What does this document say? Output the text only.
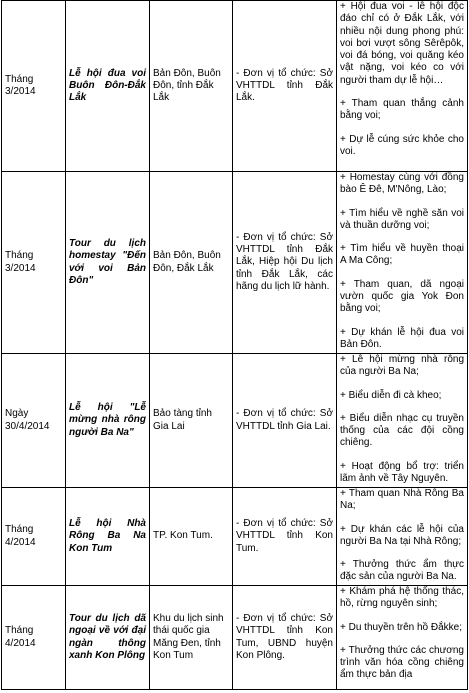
Tháng 3/2014	Lễ hội đua voi Buôn Đôn-Đắk Lắk	Bản Đôn, Buôn Đôn, tỉnh Đắk Lắk	- Đơn vị tổ chức: Sở VHTTDL tỉnh Đắk Lắk.	+ Hội đua voi - lễ hội độc đáo chỉ có ở Đắk Lắk, với nhiều nội dung phong phú: voi bơi vượt sông Sêrêpôk, voi đá bóng, voi quăng kéo vật nặng, voi kéo co với người tham dự lễ hội…
+ Tham quan thắng cảnh bằng voi;
+ Dự lễ cúng sức khỏe cho voi.

Tháng 3/2014	Tour du lịch homestay "Đến với voi Bản Đôn"	Bản Đôn, Buôn Đôn, Đắk Lắk	- Đơn vị tổ chức: Sở VHTTDL tỉnh Đắk Lắk, Hiệp hội Du lịch tỉnh Đắk Lắk, các hãng du lịch lữ hành.	+ Homestay cùng với đồng bào Ê Đê, M'Nông, Lào;
+ Tìm hiểu về nghề săn voi và thuần dưỡng voi;
+ Tìm hiểu về huyền thoại A Ma Công;
+ Tham quan, dã ngoại vườn quốc gia Yok Đon bằng voi;
+ Dự khán lễ hội đua voi Bản Đôn.

Ngày 30/4/2014	Lễ hội "Lễ mừng nhà rông người Ba Na"	Bảo tàng tỉnh Gia Lai	- Đơn vị tổ chức: Sở VHTTDL tỉnh Gia Lai.	+ Lễ hội mừng nhà rông của người Ba Na;
+ Biểu diễn đi cà kheo;
+ Biểu diễn nhạc cụ truyền thống của các đội cồng chiêng.
+ Hoạt động bổ trợ: triển lãm ảnh về Tây Nguyên.

Tháng 4/2014	Lễ hội Nhà Rông Ba Na Kon Tum	TP. Kon Tum.	- Đơn vị tổ chức: Sở VHTTDL tỉnh Kon Tum.	+ Tham quan Nhà Rông Ba Na;
+ Dự khán các lễ hội của người Ba Na tại Nhà Rông;
+ Thưởng thức ẩm thực đặc sản của người Ba Na.

Tháng 4/2014	Tour du lịch dã ngoại về với đại ngàn thông xanh Kon Plông	Khu du lịch sinh thái quốc gia Măng Đen, tỉnh Kon Tum	- Đơn vị tổ chức: Sở VHTTDL tỉnh Kon Tum, UBND huyện Kon Plông.	+ Khám phá hệ thống thác, hồ, rừng nguyên sinh;
+ Du thuyền trên hồ Đắkke;
+ Thưởng thức các chương trình văn hóa cồng chiêng ẩm thực bản địa
